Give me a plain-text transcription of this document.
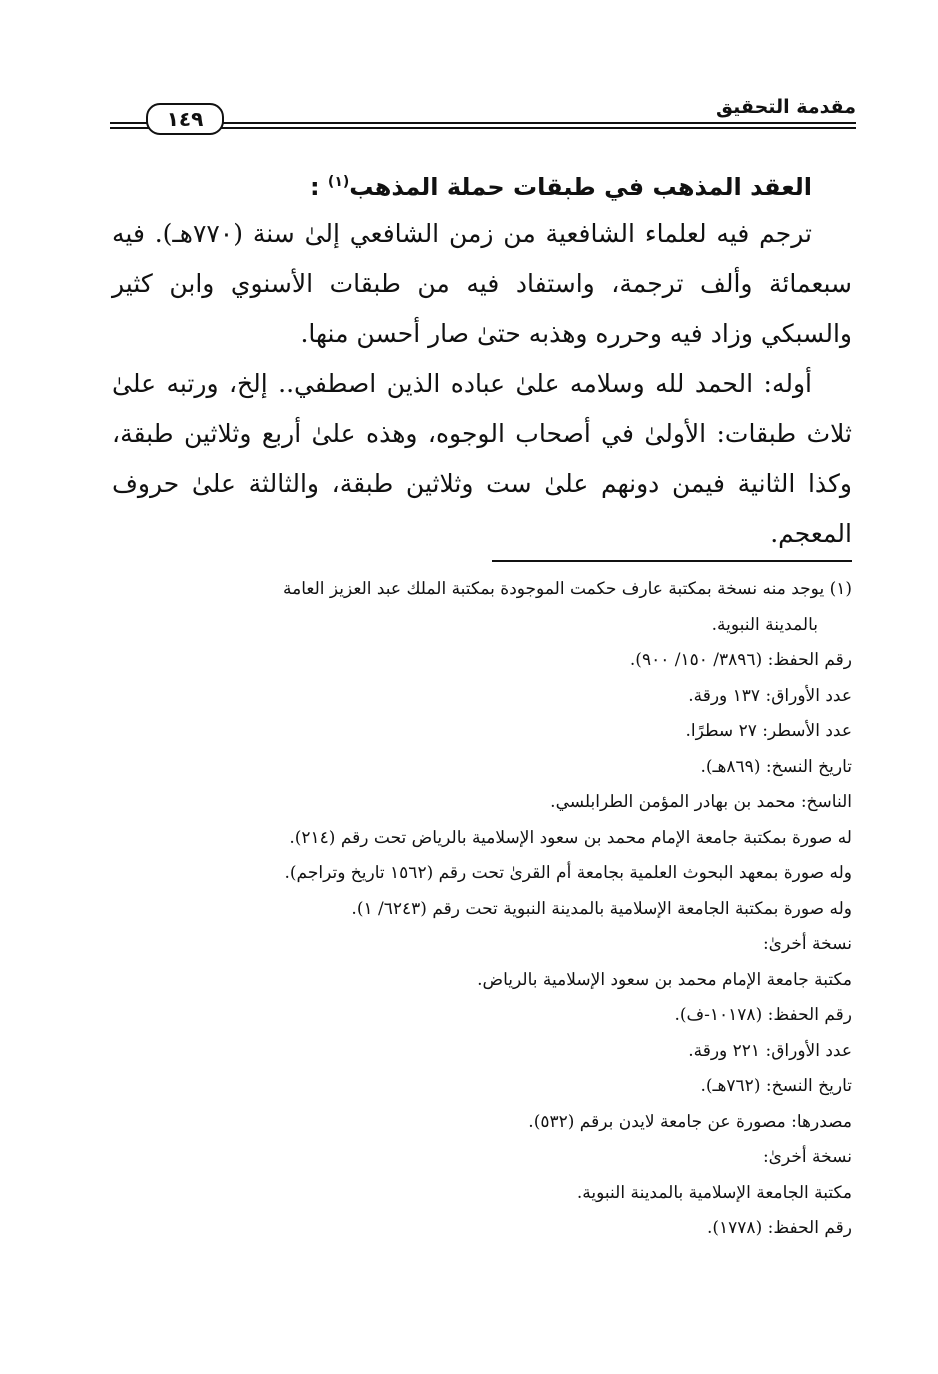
مقدمة التحقيق
١٤٩
العقد المذهب في طبقات حملة المذهب$^{(١)}$ :

ترجم فيه لعلماء الشافعية من زمن الشافعي إلىٰ سنة (٧٧٠هـ). فيه سبعمائة وألف ترجمة، واستفاد فيه من طبقات الأسنوي وابن كثير والسبكي وزاد فيه وحرره وهذبه حتىٰ صار أحسن منها.

أوله: الحمد لله وسلامه علىٰ عباده الذين اصطفي.. إلخ، ورتبه علىٰ ثلاث طبقات: الأولىٰ في أصحاب الوجوه، وهذه علىٰ أربع وثلاثين طبقة، وكذا الثانية فيمن دونهم علىٰ ست وثلاثين طبقة، والثالثة علىٰ حروف المعجم.

(١) يوجد منه نسخة بمكتبة عارف حكمت الموجودة بمكتبة الملك عبد العزيز العامة
بالمدينة النبوية.
رقم الحفظ: (٣٨٩٦/ ١٥٠/ ٩٠٠).
عدد الأوراق: ١٣٧ ورقة.
عدد الأسطر: ٢٧ سطرًا.
تاريخ النسخ: (٨٦٩هـ).
الناسخ: محمد بن بهادر المؤمن الطرابلسي.
له صورة بمكتبة جامعة الإمام محمد بن سعود الإسلامية بالرياض تحت رقم (٢١٤).
وله صورة بمعهد البحوث العلمية بجامعة أم القرىٰ تحت رقم (١٥٦٢ تاريخ وتراجم).
وله صورة بمكتبة الجامعة الإسلامية بالمدينة النبوية تحت رقم (٦٢٤٣/ ١).
نسخة أخرىٰ:
مكتبة جامعة الإمام محمد بن سعود الإسلامية بالرياض.
رقم الحفظ: (١٠١٧٨-ف).
عدد الأوراق: ٢٢١ ورقة.
تاريخ النسخ: (٧٦٢هـ).
مصدرها: مصورة عن جامعة لايدن برقم (٥٣٢).
نسخة أخرىٰ:
مكتبة الجامعة الإسلامية بالمدينة النبوية.
رقم الحفظ: (١٧٧٨).
